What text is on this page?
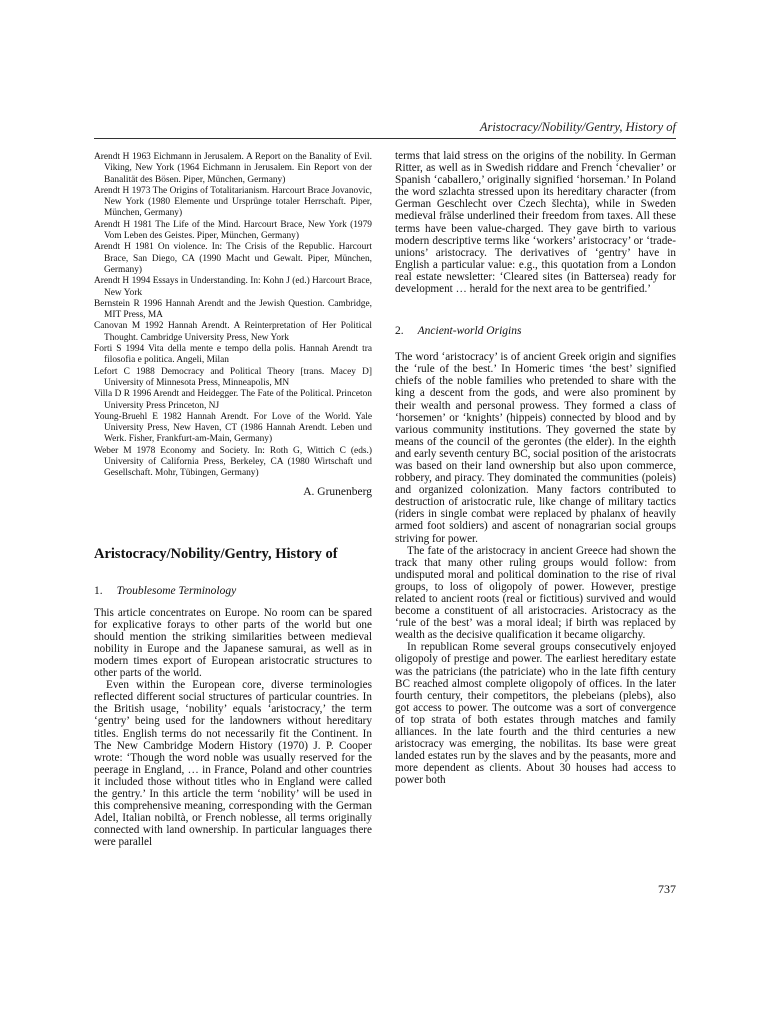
Aristocracy/Nobility/Gentry, History of
Arendt H 1963 Eichmann in Jerusalem. A Report on the Banality of Evil. Viking, New York (1964 Eichmann in Jerusalem. Ein Report von der Banalität des Bösen. Piper, München, Germany)
Arendt H 1973 The Origins of Totalitarianism. Harcourt Brace Jovanovic, New York (1980 Elemente und Ursprünge totaler Herrschaft. Piper, München, Germany)
Arendt H 1981 The Life of the Mind. Harcourt Brace, New York (1979 Vom Leben des Geistes. Piper, München, Germany)
Arendt H 1981 On violence. In: The Crisis of the Republic. Harcourt Brace, San Diego, CA (1990 Macht und Gewalt. Piper, München, Germany)
Arendt H 1994 Essays in Understanding. In: Kohn J (ed.) Harcourt Brace, New York
Bernstein R 1996 Hannah Arendt and the Jewish Question. Cambridge, MIT Press, MA
Canovan M 1992 Hannah Arendt. A Reinterpretation of Her Political Thought. Cambridge University Press, New York
Forti S 1994 Vita della mente e tempo della polis. Hannah Arendt tra filosofia e politica. Angeli, Milan
Lefort C 1988 Democracy and Political Theory [trans. Macey D] University of Minnesota Press, Minneapolis, MN
Villa D R 1996 Arendt and Heidegger. The Fate of the Political. Princeton University Press Princeton, NJ
Young-Bruehl E 1982 Hannah Arendt. For Love of the World. Yale University Press, New Haven, CT (1986 Hannah Arendt. Leben und Werk. Fisher, Frankfurt-am-Main, Germany)
Weber M 1978 Economy and Society. In: Roth G, Wittich C (eds.) University of California Press, Berkeley, CA (1980 Wirtschaft und Gesellschaft. Mohr, Tübingen, Germany)
A. Grunenberg
Aristocracy/Nobility/Gentry, History of
1. Troublesome Terminology

This article concentrates on Europe. No room can be spared for explicative forays to other parts of the world but one should mention the striking similarities between medieval nobility in Europe and the Japanese samurai, as well as in modern times export of European aristocratic structures to other parts of the world.

Even within the European core, diverse terminologies reflected different social structures of particular countries. In the British usage, ‘nobility’ equals ‘aristocracy,’ the term ‘gentry’ being used for the landowners without hereditary titles. English terms do not necessarily fit the Continent. In The New Cambridge Modern History (1970) J. P. Cooper wrote: ‘Though the word noble was usually reserved for the peerage in England, … in France, Poland and other countries it included those without titles who in England were called the gentry.’ In this article the term ‘nobility’ will be used in this comprehensive meaning, corresponding with the German Adel, Italian nobiltà, or French noblesse, all terms originally connected with land ownership. In particular languages there were parallel

terms that laid stress on the origins of the nobility. In German Ritter, as well as in Swedish riddare and French ‘chevalier’ or Spanish ‘caballero,’ originally signified ‘horseman.’ In Poland the word szlachta stressed upon its hereditary character (from German Geschlecht over Czech šlechta), while in Sweden medieval frälse underlined their freedom from taxes. All these terms have been value-charged. They gave birth to various modern descriptive terms like ‘workers’ aristocracy’ or ‘trade-unions’ aristocracy. The derivatives of ‘gentry’ have in English a particular value: e.g., this quotation from a London real estate newsletter: ‘Cleared sites (in Battersea) ready for development … herald for the next area to be gentrified.’

2. Ancient-world Origins

The word ‘aristocracy’ is of ancient Greek origin and signifies the ‘rule of the best.’ In Homeric times ‘the best’ signified chiefs of the noble families who pretended to share with the king a descent from the gods, and were also prominent by their wealth and personal prowess. They formed a class of ‘horsemen’ or ‘knights’ (hippeis) connected by blood and by various community institutions. They governed the state by means of the council of the gerontes (the elder). In the eighth and early seventh century BC, social position of the aristocrats was based on their land ownership but also upon commerce, robbery, and piracy. They dominated the communities (poleis) and organized colonization. Many factors contributed to destruction of aristocratic rule, like change of military tactics (riders in single combat were replaced by phalanx of heavily armed foot soldiers) and ascent of nonagrarian social groups striving for power.

The fate of the aristocracy in ancient Greece had shown the track that many other ruling groups would follow: from undisputed moral and political domination to the rise of rival groups, to loss of oligopoly of power. However, prestige related to ancient roots (real or fictitious) survived and would become a constituent of all aristocracies. Aristocracy as the ‘rule of the best’ was a moral ideal; if birth was replaced by wealth as the decisive qualification it became oligarchy.

In republican Rome several groups consecutively enjoyed oligopoly of prestige and power. The earliest hereditary estate was the patricians (the patriciate) who in the late fifth century BC reached almost complete oligopoly of offices. In the later fourth century, their competitors, the plebeians (plebs), also got access to power. The outcome was a sort of convergence of top strata of both estates through matches and family alliances. In the late fourth and the third centuries a new aristocracy was emerging, the nobilitas. Its base were great landed estates run by the slaves and by the peasants, more and more dependent as clients. About 30 houses had access to power both

737
